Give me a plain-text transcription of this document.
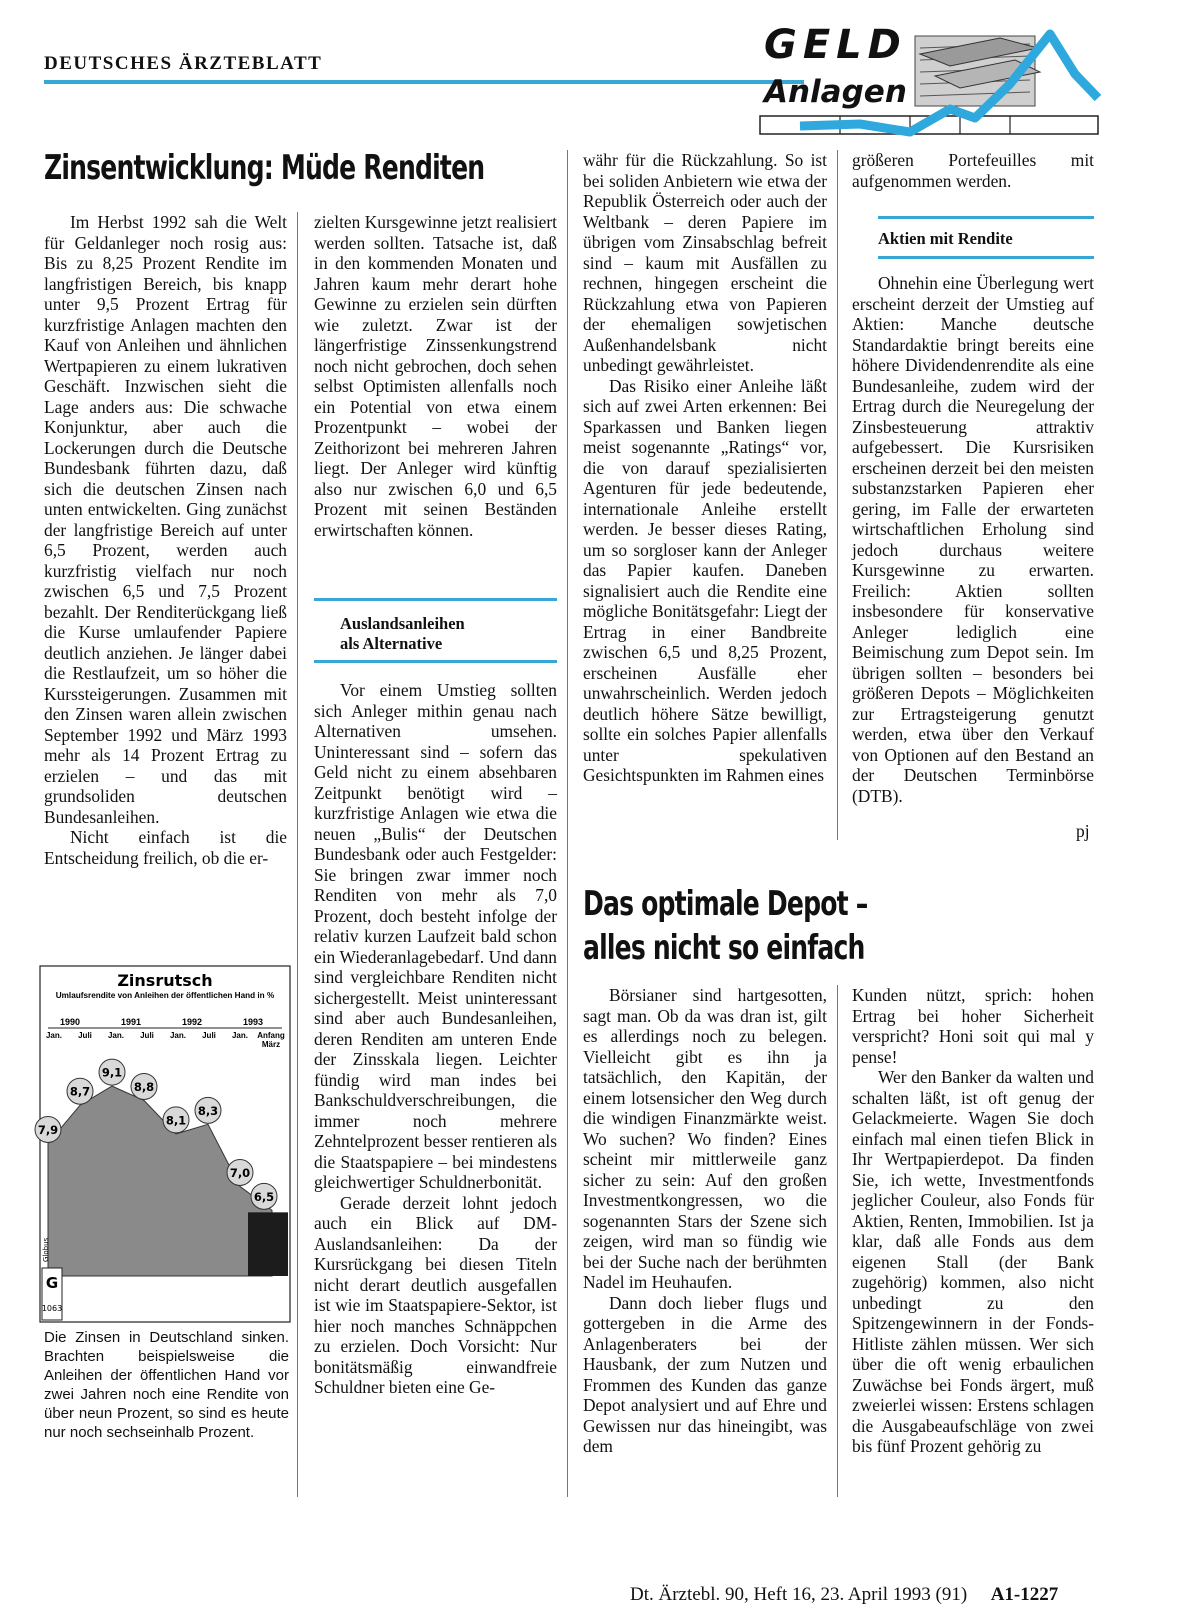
DEUTSCHES ÄRZTEBLATT	GELD
Anlagen
Zinsentwicklung: Müde Renditen

Im Herbst 1992 sah die Welt für Geldanleger noch rosig aus: Bis zu 8,25 Prozent Rendite im langfristigen Bereich, bis knapp unter 9,5 Prozent Ertrag für kurzfristige Anlagen machten den Kauf von Anleihen und ähnlichen Wertpapieren zu einem lukrativen Geschäft. Inzwischen sieht die Lage anders aus: Die schwache Konjunktur, aber auch die Lockerungen durch die Deutsche Bundesbank führten dazu, daß sich die deutschen Zinsen nach unten entwickelten. Ging zunächst der langfristige Bereich auf unter 6,5 Prozent, werden auch kurzfristig vielfach nur noch zwischen 6,5 und 7,5 Prozent bezahlt. Der Renditerückgang ließ die Kurse umlaufender Papiere deutlich anziehen. Je länger dabei die Restlaufzeit, um so höher die Kurssteigerungen. Zusammen mit den Zinsen waren allein zwischen September 1992 und März 1993 mehr als 14 Prozent Ertrag zu erzielen – und das mit grundsoliden deutschen Bundesanleihen.

Nicht einfach ist die Entscheidung freilich, ob die er-

Zinsrutsch
Umlaufsrendite von Anleihen der öffentlichen Hand in %
1990	1991	1992	1993
Jan. Juli Jan. Juli Jan. Juli Jan. Anfang
März
7,9
8,7
9,1
8,8
8,1
8,3
7,0
6,5
G
1063
Globus
Die Zinsen in Deutschland sinken. Brachten beispielsweise die Anleihen der öffentlichen Hand vor zwei Jahren noch eine Rendite von über neun Prozent, so sind es heute nur noch sechseinhalb Prozent.

zielten Kursgewinne jetzt realisiert werden sollten. Tatsache ist, daß in den kommenden Monaten und Jahren kaum mehr derart hohe Gewinne zu erzielen sein dürften wie zuletzt. Zwar ist der längerfristige Zinssenkungstrend noch nicht gebrochen, doch sehen selbst Optimisten allenfalls noch ein Potential von etwa einem Prozentpunkt – wobei der Zeithorizont bei mehreren Jahren liegt. Der Anleger wird künftig also nur zwischen 6,0 und 6,5 Prozent mit seinen Beständen erwirtschaften können.

Auslandsanleihen
als Alternative

Vor einem Umstieg sollten sich Anleger mithin genau nach Alternativen umsehen. Uninteressant sind – sofern das Geld nicht zu einem absehbaren Zeitpunkt benötigt wird – kurzfristige Anlagen wie etwa die neuen „Bulis“ der Deutschen Bundesbank oder auch Festgelder: Sie bringen zwar immer noch Renditen von mehr als 7,0 Prozent, doch besteht infolge der relativ kurzen Laufzeit bald schon ein Wiederanlagebedarf. Und dann sind vergleichbare Renditen nicht sichergestellt. Meist uninteressant sind aber auch Bundesanleihen, deren Renditen am unteren Ende der Zinsskala liegen. Leichter fündig wird man indes bei Bankschuldverschreibungen, die immer noch mehrere Zehntelprozent besser rentieren als die Staatspapiere – bei mindestens gleichwertiger Schuldnerbonität.

Gerade derzeit lohnt jedoch auch ein Blick auf DM-Auslandsanleihen: Da der Kursrückgang bei diesen Titeln nicht derart deutlich ausgefallen ist wie im Staatspapiere-Sektor, ist hier noch manches Schnäppchen zu erzielen. Doch Vorsicht: Nur bonitätsmäßig einwandfreie Schuldner bieten eine Ge-

währ für die Rückzahlung. So ist bei soliden Anbietern wie etwa der Republik Österreich oder auch der Weltbank – deren Papiere im übrigen vom Zinsabschlag befreit sind – kaum mit Ausfällen zu rechnen, hingegen erscheint die Rückzahlung etwa von Papieren der ehemaligen sowjetischen Außenhandelsbank nicht unbedingt gewährleistet.

Das Risiko einer Anleihe läßt sich auf zwei Arten erkennen: Bei Sparkassen und Banken liegen meist sogenannte „Ratings“ vor, die von darauf spezialisierten Agenturen für jede bedeutende, internationale Anleihe erstellt werden. Je besser dieses Rating, um so sorgloser kann der Anleger das Papier kaufen. Daneben signalisiert auch die Rendite eine mögliche Bonitätsgefahr: Liegt der Ertrag in einer Bandbreite zwischen 6,5 und 8,25 Prozent, erscheinen Ausfälle eher unwahrscheinlich. Werden jedoch deutlich höhere Sätze bewilligt, sollte ein solches Papier allenfalls unter spekulativen Gesichtspunkten im Rahmen eines

größeren Portefeuilles mit aufgenommen werden.

Aktien mit Rendite

Ohnehin eine Überlegung wert erscheint derzeit der Umstieg auf Aktien: Manche deutsche Standardaktie bringt bereits eine höhere Dividendenrendite als eine Bundesanleihe, zudem wird der Ertrag durch die Neuregelung der Zinsbesteuerung attraktiv aufgebessert. Die Kursrisiken erscheinen derzeit bei den meisten substanzstarken Papieren eher gering, im Falle der erwarteten wirtschaftlichen Erholung sind jedoch durchaus weitere Kursgewinne zu erwarten. Freilich: Aktien sollten insbesondere für konservative Anleger lediglich eine Beimischung zum Depot sein. Im übrigen sollten – besonders bei größeren Depots – Möglichkeiten zur Ertragsteigerung genutzt werden, etwa über den Verkauf von Optionen auf den Bestand an der Deutschen Terminbörse (DTB).

pj
Das optimale Depot –
alles nicht so einfach

Börsianer sind hartgesotten, sagt man. Ob da was dran ist, gilt es allerdings noch zu belegen. Vielleicht gibt es ihn ja tatsächlich, den Kapitän, der einem lotsensicher den Weg durch die windigen Finanzmärkte weist. Wo suchen? Wo finden? Eines scheint mir mittlerweile ganz sicher zu sein: Auf den großen Investmentkongressen, wo die sogenannten Stars der Szene sich zeigen, wird man so fündig wie bei der Suche nach der berühmten Nadel im Heuhaufen.

Dann doch lieber flugs und gottergeben in die Arme des Anlagenberaters bei der Hausbank, der zum Nutzen und Frommen des Kunden das ganze Depot analysiert und auf Ehre und Gewissen nur das hineingibt, was dem

Kunden nützt, sprich: hohen Ertrag bei hoher Sicherheit verspricht? Honi soit qui mal y pense!

Wer den Banker da walten und schalten läßt, ist oft genug der Gelackmeierte. Wagen Sie doch einfach mal einen tiefen Blick in Ihr Wertpapierdepot. Da finden Sie, ich wette, Investmentfonds jeglicher Couleur, also Fonds für Aktien, Renten, Immobilien. Ist ja klar, daß alle Fonds aus dem eigenen Stall (der Bank zugehörig) kommen, also nicht unbedingt zu den Spitzengewinnern in der Fonds-Hitliste zählen müssen. Wer sich über die oft wenig erbaulichen Zuwächse bei Fonds ärgert, muß zweierlei wissen: Erstens schlagen die Ausgabeaufschläge von zwei bis fünf Prozent gehörig zu

Dt. Ärztebl. 90, Heft 16, 23. April 1993 (91) A1-1227
